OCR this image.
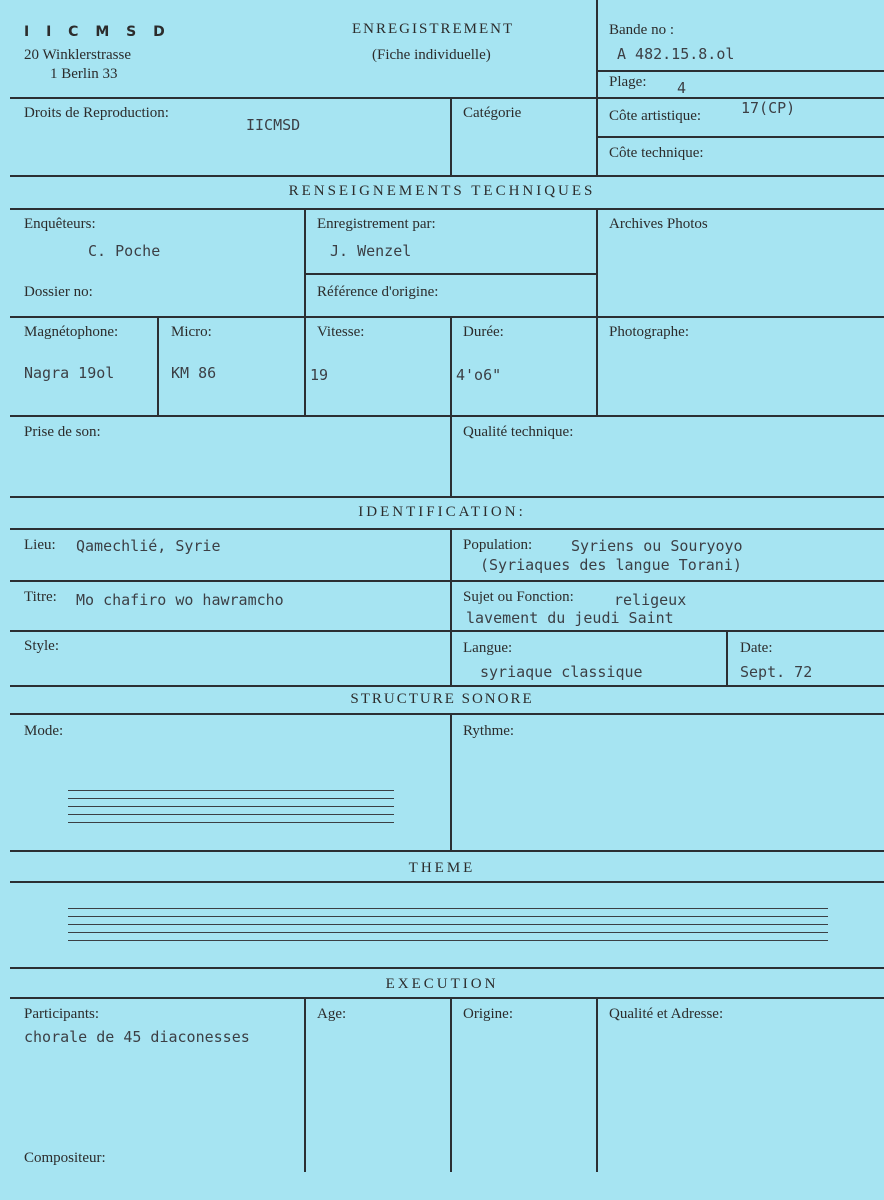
I I C M S D
20 Winklerstrasse
1 Berlin 33
ENREGISTREMENT
(Fiche individuelle)
Bande no :
A 482.15.8.ol
Plage: 4
Droits de Reproduction:
IICMSD
Catégorie	Côte artistique:	17(CP)
Côte technique:
RENSEIGNEMENTS TECHNIQUES
Enquêteurs:
C. Poche
Enregistrement par:
J. Wenzel
Archives Photos
Dossier no:	Référence d'origine:
Magnétophone:
Nagra 19ol
Micro:
KM 86
Vitesse:
19
Durée:
4'o6"
Photographe:
Prise de son:	Qualité technique:
IDENTIFICATION:
Lieu: Qamechlié, Syrie	Population:	Syriens ou Souryoyo
(Syriaques des langue Torani)
Titre: Mo chafiro wo hawramcho	Sujet ou Fonction:	religeux
lavement du jeudi Saint
Style:	Langue:
syriaque classique
Date:
Sept. 72
STRUCTURE SONORE
Mode:	Rythme:
THEME
EXECUTION
Participants:
chorale de 45 diaconesses
Age:	Origine:	Qualité et Adresse:
Compositeur:
